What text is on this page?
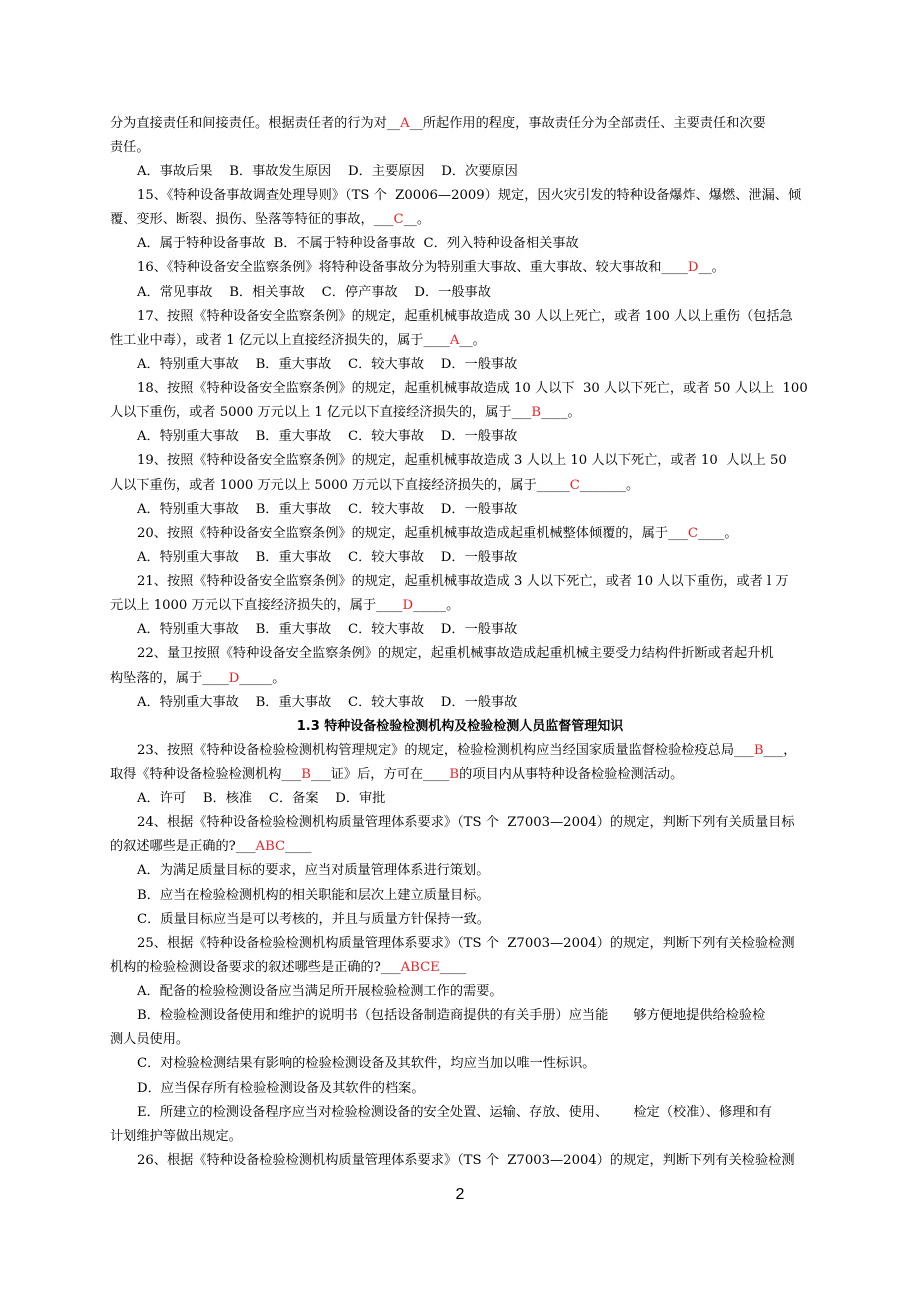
分为直接责任和间接责任。根据责任者的行为对__A__所起作用的程度，事故责任分为全部责任、主要责任和次要
责任。
A．事故后果    B．事故发生原因    D．主要原因    D．次要原因
15、《特种设备事故调查处理导则》（TS 个  Z0006—2009）规定，因火灾引发的特种设备爆炸、爆燃、泄漏、倾
覆、变形、断裂、损伤、坠落等特征的事故，___C__。
A．属于特种设备事故  B．不属于特种设备事故  C．列入特种设备相关事故
16、《特种设备安全监察条例》将特种设备事故分为特别重大事故、重大事故、较大事故和____D__。
A．常见事故    B．相关事故    C．停产事故    D．一般事故
17、按照《特种设备安全监察条例》的规定，起重机械事故造成 30 人以上死亡，或者 100 人以上重伤（包括急
性工业中毒），或者 1 亿元以上直接经济损失的，属于____A__。
A．特别重大事故    B．重大事故    C．较大事故    D．一般事故
18、按照《特种设备安全监察条例》的规定，起重机械事故造成 10 人以下  30 人以下死亡，或者 50 人以上  100
人以下重伤，或者 5000 万元以上 1 亿元以下直接经济损失的，属于___B____。
A．特别重大事故    B．重大事故    C．较大事故    D．一般事故
19、按照《特种设备安全监察条例》的规定，起重机械事故造成 3 人以上 10 人以下死亡，或者 10  人以上 50
人以下重伤，或者 1000 万元以上 5000 万元以下直接经济损失的，属于_____C_______。
A．特别重大事故    B．重大事故    C．较大事故    D．一般事故
20、按照《特种设备安全监察条例》的规定，起重机械事故造成起重机械整体倾覆的，属于___C____。
A．特别重大事故    B．重大事故    C．较大事故    D．一般事故
21、按照《特种设备安全监察条例》的规定，起重机械事故造成 3 人以下死亡，或者 10 人以下重伤，或者 l 万
元以上 1000 万元以下直接经济损失的，属于____D_____。
A．特别重大事故    B．重大事故    C．较大事故    D．一般事故
22、量卫按照《特种设备安全监察条例》的规定，起重机械事故造成起重机械主要受力结构件折断或者起升机
构坠落的，属于____D_____。
A．特别重大事故    B．重大事故    C．较大事故    D．一般事故
1.3 特种设备检验检测机构及检验检测人员监督管理知识
23、按照《特种设备检验检测机构管理规定》的规定，检验检测机构应当经国家质量监督检验检疫总局___B___，
取得《特种设备检验检测机构___B___证》后，方可在____B的项目内从事特种设备检验检测活动。
A．许可    B．核准    C．备案    D．审批
24、根据《特种设备检验检测机构质量管理体系要求》（TS 个  Z7003—2004）的规定，判断下列有关质量目标
的叙述哪些是正确的?___ABC____
A．为满足质量目标的要求，应当对质量管理体系进行策划。
B．应当在检验检测机构的相关职能和层次上建立质量目标。
C．质量目标应当是可以考核的，并且与质量方针保持一致。
25、根据《特种设备检验检测机构质量管理体系要求》（TS 个  Z7003—2004）的规定，判断下列有关检验检测
机构的检验检测设备要求的叙述哪些是正确的?___ABCE____
A．配备的检验检测设备应当满足所开展检验检测工作的需要。
B．检验检测设备使用和维护的说明书（包括设备制造商提供的有关手册）应当能      够方便地提供给检验检
测人员使用。
C．对检验检测结果有影响的检验检测设备及其软件，均应当加以唯一性标识。
D．应当保存所有检验检测设备及其软件的档案。
E．所建立的检测设备程序应当对检验检测设备的安全处置、运输、存放、使用、      检定（校准）、修理和有
计划维护等做出规定。
26、根据《特种设备检验检测机构质量管理体系要求》（TS 个  Z7003—2004）的规定，判断下列有关检验检测
2
